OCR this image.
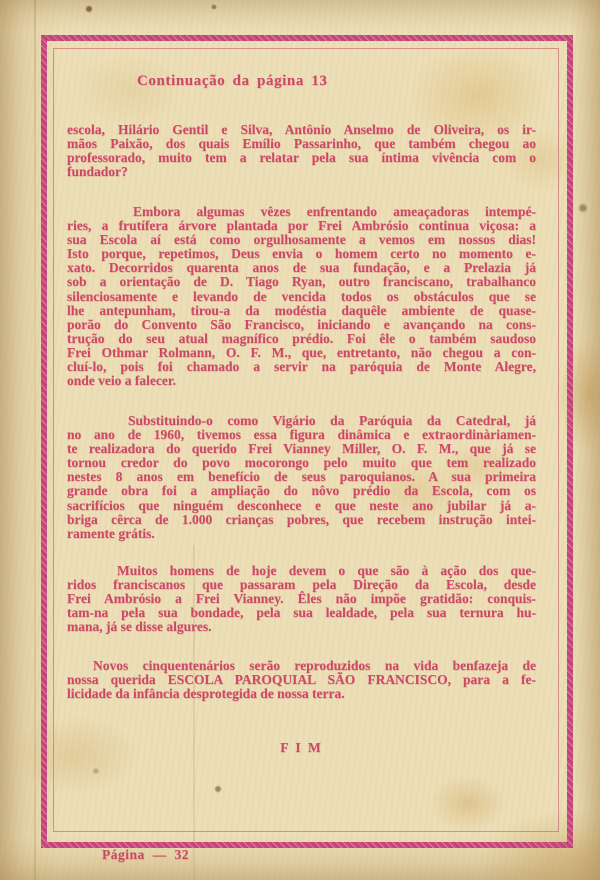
Continuação da página 13
escola, Hilário Gentil e Silva, Antônio Anselmo de Oliveira, os ir-
mãos Paixão, dos quais Emílio Passarinho, que também chegou ao
professorado, muito tem a relatar pela sua íntima vivência com o
fundador?
Embora algumas vêzes enfrentando ameaçadoras intempé-
ries, a frutífera árvore plantada por Frei Ambrósio continua viçosa: a
sua Escola aí está como orgulhosamente a vemos em nossos dias!
Isto porque, repetimos, Deus envia o homem certo no momento e-
xato. Decorridos quarenta anos de sua fundação, e a Prelazia já
sob a orientação de D. Tiago Ryan, outro franciscano, trabalhanco
silenciosamente e levando de vencida todos os obstáculos que se
lhe antepunham, tirou-a da modéstia daquêle ambiente de quase-
porão do Convento São Francisco, iniciando e avançando na cons-
trução do seu atual magnífico prédio. Foi êle o também saudoso
Frei Othmar Rolmann, O. F. M., que, entretanto, não chegou a con-
cluí-lo, pois foi chamado a servir na paróquia de Monte Alegre,
onde veio a falecer.
Substituindo-o como Vigário da Paróquia da Catedral, já
no ano de 1960, tivemos essa figura dinâmica e extraordinàriamen-
te realizadora do querido Frei Vianney Miller, O. F. M., que já se
tornou credor do povo mocorongo pelo muito que tem realizado
nestes 8 anos em benefício de seus paroquianos. A sua primeira
grande obra foi a ampliação do nôvo prédio da Escola, com os
sacrifícios que ninguém desconhece e que neste ano jubilar já a-
briga cêrca de 1.000 crianças pobres, que recebem instrução intei-
ramente grátis.
Muitos homens de hoje devem o que são à ação dos que-
ridos franciscanos que passaram pela Direção da Escola, desde
Frei Ambrósio a Frei Vianney. Êles não impõe gratidão: conquis-
tam-na pela sua bondade, pela sua lealdade, pela sua ternura hu-
mana, já se disse algures.
Novos cinquentenários serão reproduzidos na vida benfazeja de
nossa querida ESCOLA PAROQUIAL SÃO FRANCISCO, para a fe-
licidade da infância desprotegida de nossa terra.
F I M
Página — 32
